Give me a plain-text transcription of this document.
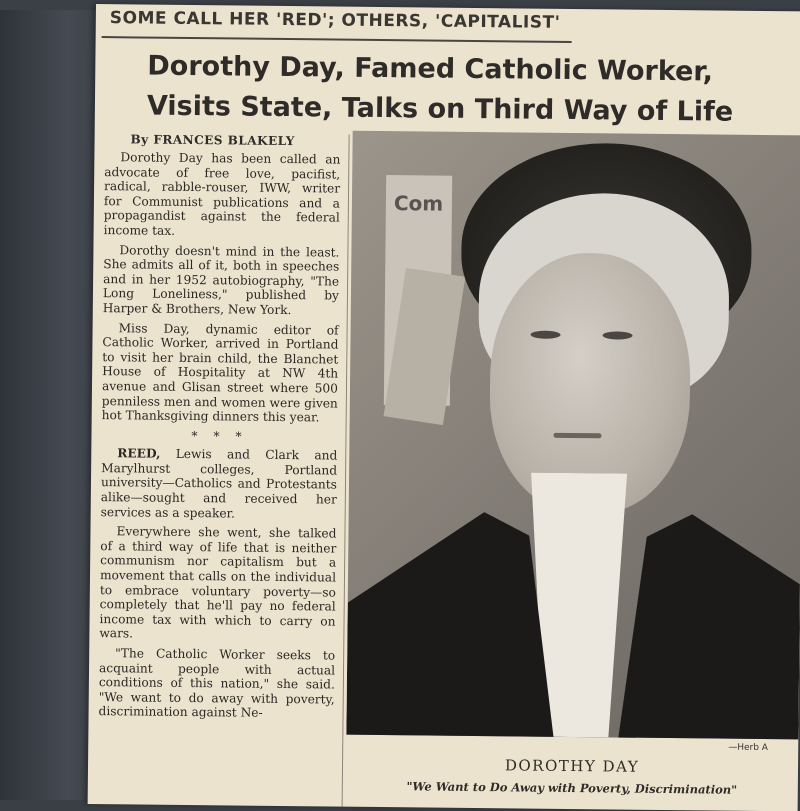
SOME CALL HER 'RED'; OTHERS, 'CAPITALIST'
Dorothy Day, Famed Catholic Worker,
Visits State, Talks on Third Way of Life
By FRANCES BLAKELY

Dorothy Day has been called an advocate of free love, pacifist, radical, rabble-rouser, IWW, writer for Communist publications and a propagandist against the federal income tax.

Dorothy doesn't mind in the least. She admits all of it, both in speeches and in her 1952 autobiography, "The Long Loneliness," published by Harper & Brothers, New York.

Miss Day, dynamic editor of Catholic Worker, arrived in Portland to visit her brain child, the Blanchet House of Hospitality at NW 4th avenue and Glisan street where 500 penniless men and women were given hot Thanksgiving dinners this year.

* * *

REED, Lewis and Clark and Marylhurst colleges, Portland university—Catholics and Protestants alike—sought and received her services as a speaker.

Everywhere she went, she talked of a third way of life that is neither communism nor capitalism but a movement that calls on the individual to embrace voluntary poverty—so completely that he'll pay no federal income tax with which to carry on wars.

"The Catholic Worker seeks to acquaint people with actual conditions of this nation," she said. "We want to do away with poverty, discrimination against Ne-

Com
—Herb A
DOROTHY DAY
"We Want to Do Away with Poverty, Discrimination"
